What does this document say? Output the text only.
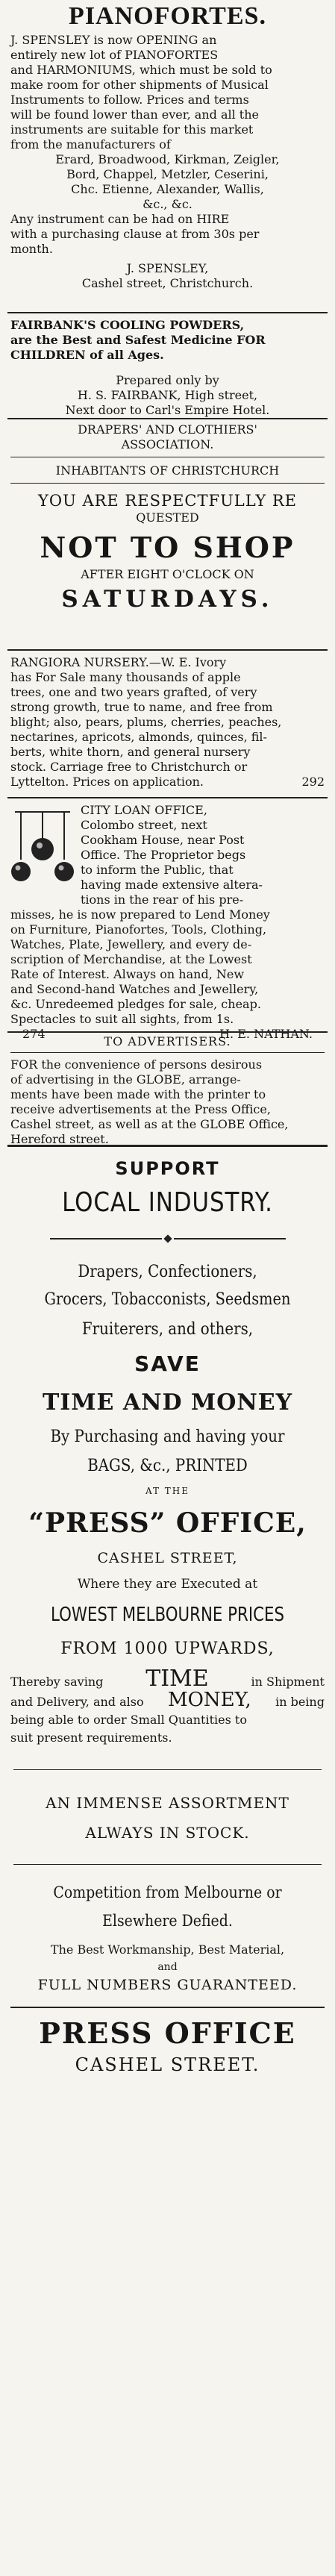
PIANOFORTES.
J. SPENSLEY is now OPENING an
entirely new lot of PIANOFORTES
and HARMONIUMS, which must be sold to
make room for other shipments of Musical
Instruments to follow. Prices and terms
will be found lower than ever, and all the
instruments are suitable for this market
from the manufacturers of
Erard, Broadwood, Kirkman, Zeigler,
Bord, Chappel, Metzler, Ceserini,
Chc. Etienne, Alexander, Wallis,
&c., &c.
Any instrument can be had on HIRE
with a purchasing clause at from 30s per
month.
J. SPENSLEY,
Cashel street, Christchurch.
FAIRBANK'S COOLING POWDERS,
are the Best and Safest Medicine FOR
CHILDREN of all Ages.
Prepared only by
H. S. FAIRBANK, High street,
Next door to Carl's Empire Hotel.
DRAPERS' AND CLOTHIERS'
ASSOCIATION.
INHABITANTS OF CHRISTCHURCH
YOU ARE RESPECTFULLY RE
QUESTED
NOT TO SHOP
AFTER EIGHT O'CLOCK ON
SATURDAYS.
RANGIORA NURSERY.—W. E. Ivory
has For Sale many thousands of apple
trees, one and two years grafted, of very
strong growth, true to name, and free from
blight; also, pears, plums, cherries, peaches,
nectarines, apricots, almonds, quinces, fil-
berts, white thorn, and general nursery
stock. Carriage free to Christchurch or
Lyttelton. Prices on application.	292
CITY LOAN OFFICE,
Colombo street, next
Cookham House, near Post
Office. The Proprietor begs
to inform the Public, that
having made extensive altera-
tions in the rear of his pre-
misses, he is now prepared to Lend Money
on Furniture, Pianofortes, Tools, Clothing,
Watches, Plate, Jewellery, and every de-
scription of Merchandise, at the Lowest
Rate of Interest. Always on hand, New
and Second-hand Watches and Jewellery,
&c. Unredeemed pledges for sale, cheap.
Spectacles to suit all sights, from 1s.
274	H. E. NATHAN.
TO ADVERTISERS.
FOR the convenience of persons desirous
of advertising in the GLOBE, arrange-
ments have been made with the printer to
receive advertisements at the Press Office,
Cashel street, as well as at the GLOBE Office,
Hereford street.
SUPPORT
LOCAL INDUSTRY.
Drapers, Confectioners,
Grocers, Tobacconists, Seedsmen
Fruiterers, and others,
SAVE
TIME AND MONEY
By Purchasing and having your
BAGS, &c., PRINTED
AT THE
“PRESS” OFFICE,
CASHEL STREET,
Where they are Executed at
LOWEST MELBOURNE PRICES
FROM 1000 UPWARDS,
Thereby saving TIME	in Shipment
and Delivery, and also MONEY, in being
being able to order Small Quantities to
suit present requirements.
AN IMMENSE ASSORTMENT
ALWAYS IN STOCK.
Competition from Melbourne or
Elsewhere Defied.
The Best Workmanship, Best Material,
and
FULL NUMBERS GUARANTEED.
PRESS OFFICE
CASHEL STREET.
